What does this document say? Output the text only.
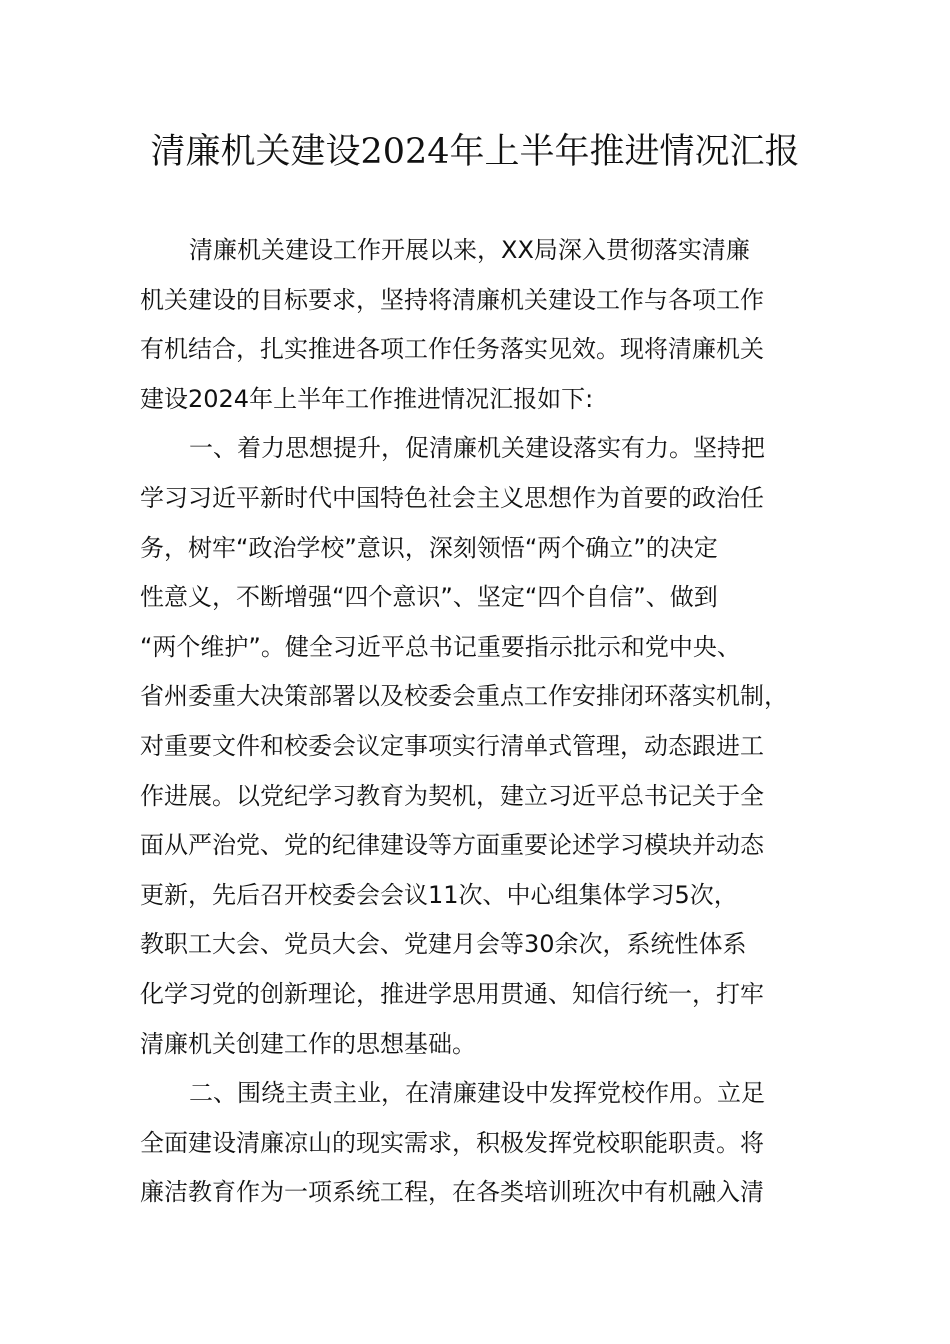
清廉机关建设2024年上半年推进情况汇报
清廉机关建设工作开展以来，XX局深入贯彻落实清廉
机关建设的目标要求，坚持将清廉机关建设工作与各项工作
有机结合，扎实推进各项工作任务落实见效。现将清廉机关
建设2024年上半年工作推进情况汇报如下:
一、着力思想提升，促清廉机关建设落实有力。坚持把
学习习近平新时代中国特色社会主义思想作为首要的政治任
务，树牢“政治学校”意识，深刻领悟“两个确立”的决定
性意义，不断增强“四个意识”、坚定“四个自信”、做到
“两个维护”。健全习近平总书记重要指示批示和党中央、
省州委重大决策部署以及校委会重点工作安排闭环落实机制，
对重要文件和校委会议定事项实行清单式管理，动态跟进工
作进展。以党纪学习教育为契机，建立习近平总书记关于全
面从严治党、党的纪律建设等方面重要论述学习模块并动态
更新，先后召开校委会会议11次、中心组集体学习5次，
教职工大会、党员大会、党建月会等30余次，系统性体系
化学习党的创新理论，推进学思用贯通、知信行统一，打牢
清廉机关创建工作的思想基础。
二、围绕主责主业，在清廉建设中发挥党校作用。立足
全面建设清廉凉山的现实需求，积极发挥党校职能职责。将
廉洁教育作为一项系统工程，在各类培训班次中有机融入清
